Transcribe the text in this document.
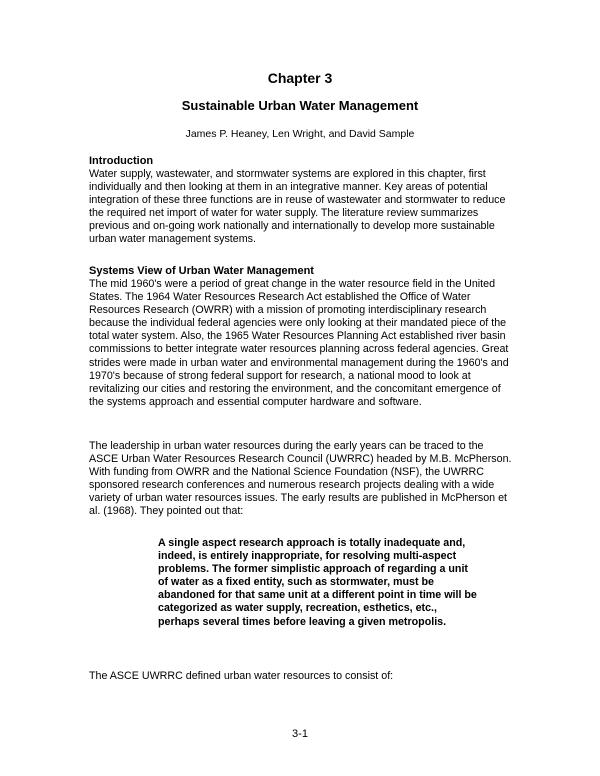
Chapter 3
Sustainable Urban Water Management
James P. Heaney, Len Wright, and David Sample
Introduction

Water supply, wastewater, and stormwater systems are explored in this chapter, first individually and then looking at them in an integrative manner. Key areas of potential integration of these three functions are in reuse of wastewater and stormwater to reduce the required net import of water for water supply. The literature review summarizes previous and on-going work nationally and internationally to develop more sustainable urban water management systems.

Systems View of Urban Water Management

The mid 1960's were a period of great change in the water resource field in the United States. The 1964 Water Resources Research Act established the Office of Water Resources Research (OWRR) with a mission of promoting interdisciplinary research because the individual federal agencies were only looking at their mandated piece of the total water system. Also, the 1965 Water Resources Planning Act established river basin commissions to better integrate water resources planning across federal agencies. Great strides were made in urban water and environmental management during the 1960's and 1970's because of strong federal support for research, a national mood to look at revitalizing our cities and restoring the environment, and the concomitant emergence of the systems approach and essential computer hardware and software.

The leadership in urban water resources during the early years can be traced to the ASCE Urban Water Resources Research Council (UWRRC) headed by M.B. McPherson. With funding from OWRR and the National Science Foundation (NSF), the UWRRC sponsored research conferences and numerous research projects dealing with a wide variety of urban water resources issues. The early results are published in McPherson et al. (1968). They pointed out that:

A single aspect research approach is totally inadequate and, indeed, is entirely inappropriate, for resolving multi-aspect problems. The former simplistic approach of regarding a unit of water as a fixed entity, such as stormwater, must be abandoned for that same unit at a different point in time will be categorized as water supply, recreation, esthetics, etc., perhaps several times before leaving a given metropolis.

The ASCE UWRRC defined urban water resources to consist of:

3-1
